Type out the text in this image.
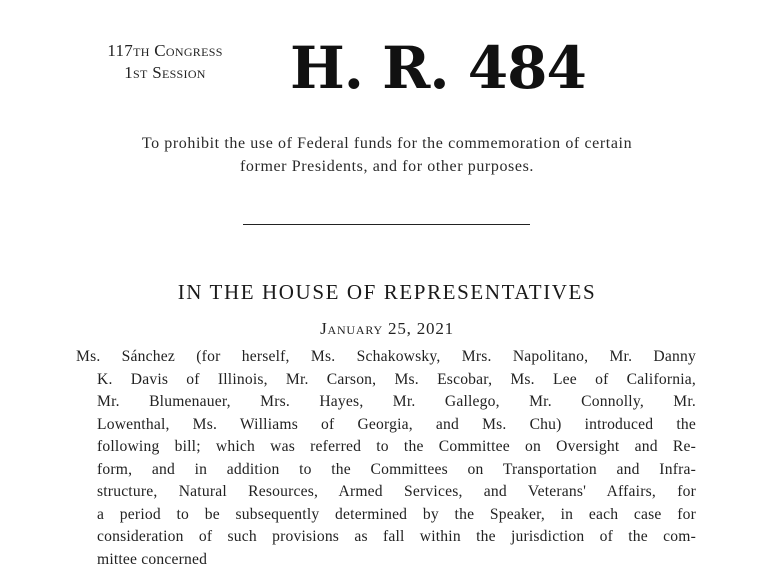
117th Congress
1st Session	H. R. 484
To prohibit the use of Federal funds for the commemoration of certain
former Presidents, and for other purposes.
IN THE HOUSE OF REPRESENTATIVES
January 25, 2021
Ms. Sánchez (for herself, Ms. Schakowsky, Mrs. Napolitano, Mr. Danny
K. Davis of Illinois, Mr. Carson, Ms. Escobar, Ms. Lee of California,
Mr. Blumenauer, Mrs. Hayes, Mr. Gallego, Mr. Connolly, Mr.
Lowenthal, Ms. Williams of Georgia, and Ms. Chu) introduced the
following bill; which was referred to the Committee on Oversight and Re-
form, and in addition to the Committees on Transportation and Infra-
structure, Natural Resources, Armed Services, and Veterans' Affairs, for
a period to be subsequently determined by the Speaker, in each case for
consideration of such provisions as fall within the jurisdiction of the com-
mittee concerned
